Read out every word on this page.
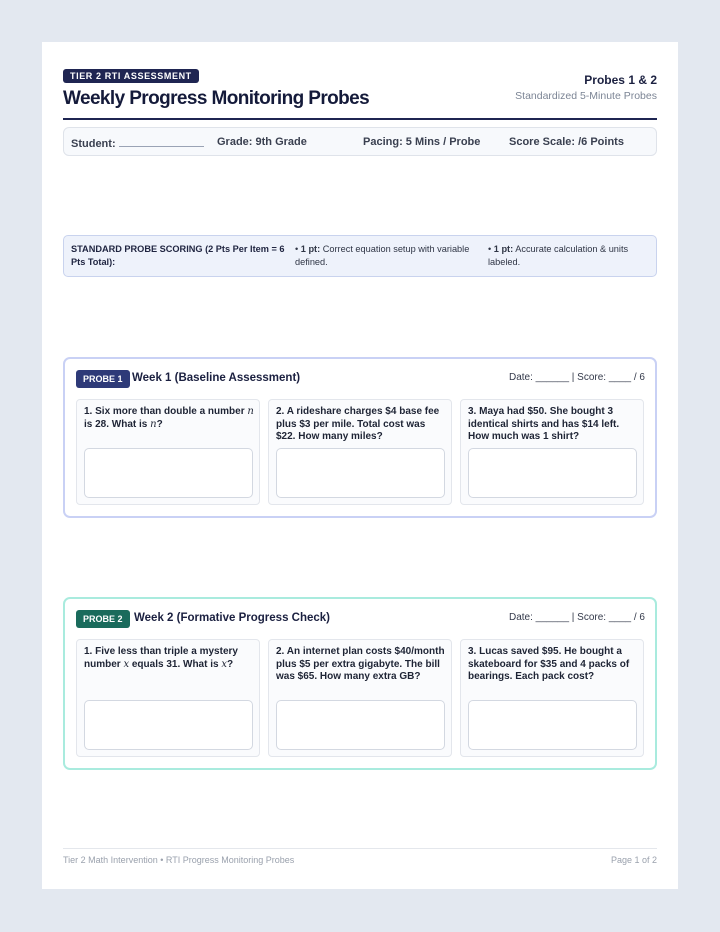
TIER 2 RTI ASSESSMENT
Weekly Progress Monitoring Probes
Probes 1 & 2
Standardized 5-Minute Probes
Student:	Grade: 9th Grade	Pacing: 5 Mins / Probe	Score Scale: /6 Points
STANDARD PROBE SCORING (2 Pts Per Item = 6 Pts Total):
• 1 pt: Correct equation setup with variable defined.
• 1 pt: Accurate calculation & units labeled.
PROBE 1 Week 1 (Baseline Assessment)	Date: ______ | Score: ____ / 6
1. Six more than double a number n is 28. What is n?
2. A rideshare charges $4 base fee plus $3 per mile. Total cost was $22. How many miles?
3. Maya had $50. She bought 3 identical shirts and has $14 left. How much was 1 shirt?
PROBE 2 Week 2 (Formative Progress Check)	Date: ______ | Score: ____ / 6
1. Five less than triple a mystery number x equals 31. What is x?
2. An internet plan costs $40/month plus $5 per extra gigabyte. The bill was $65. How many extra GB?
3. Lucas saved $95. He bought a skateboard for $35 and 4 packs of bearings. Each pack cost?
Tier 2 Math Intervention • RTI Progress Monitoring Probes	Page 1 of 2
